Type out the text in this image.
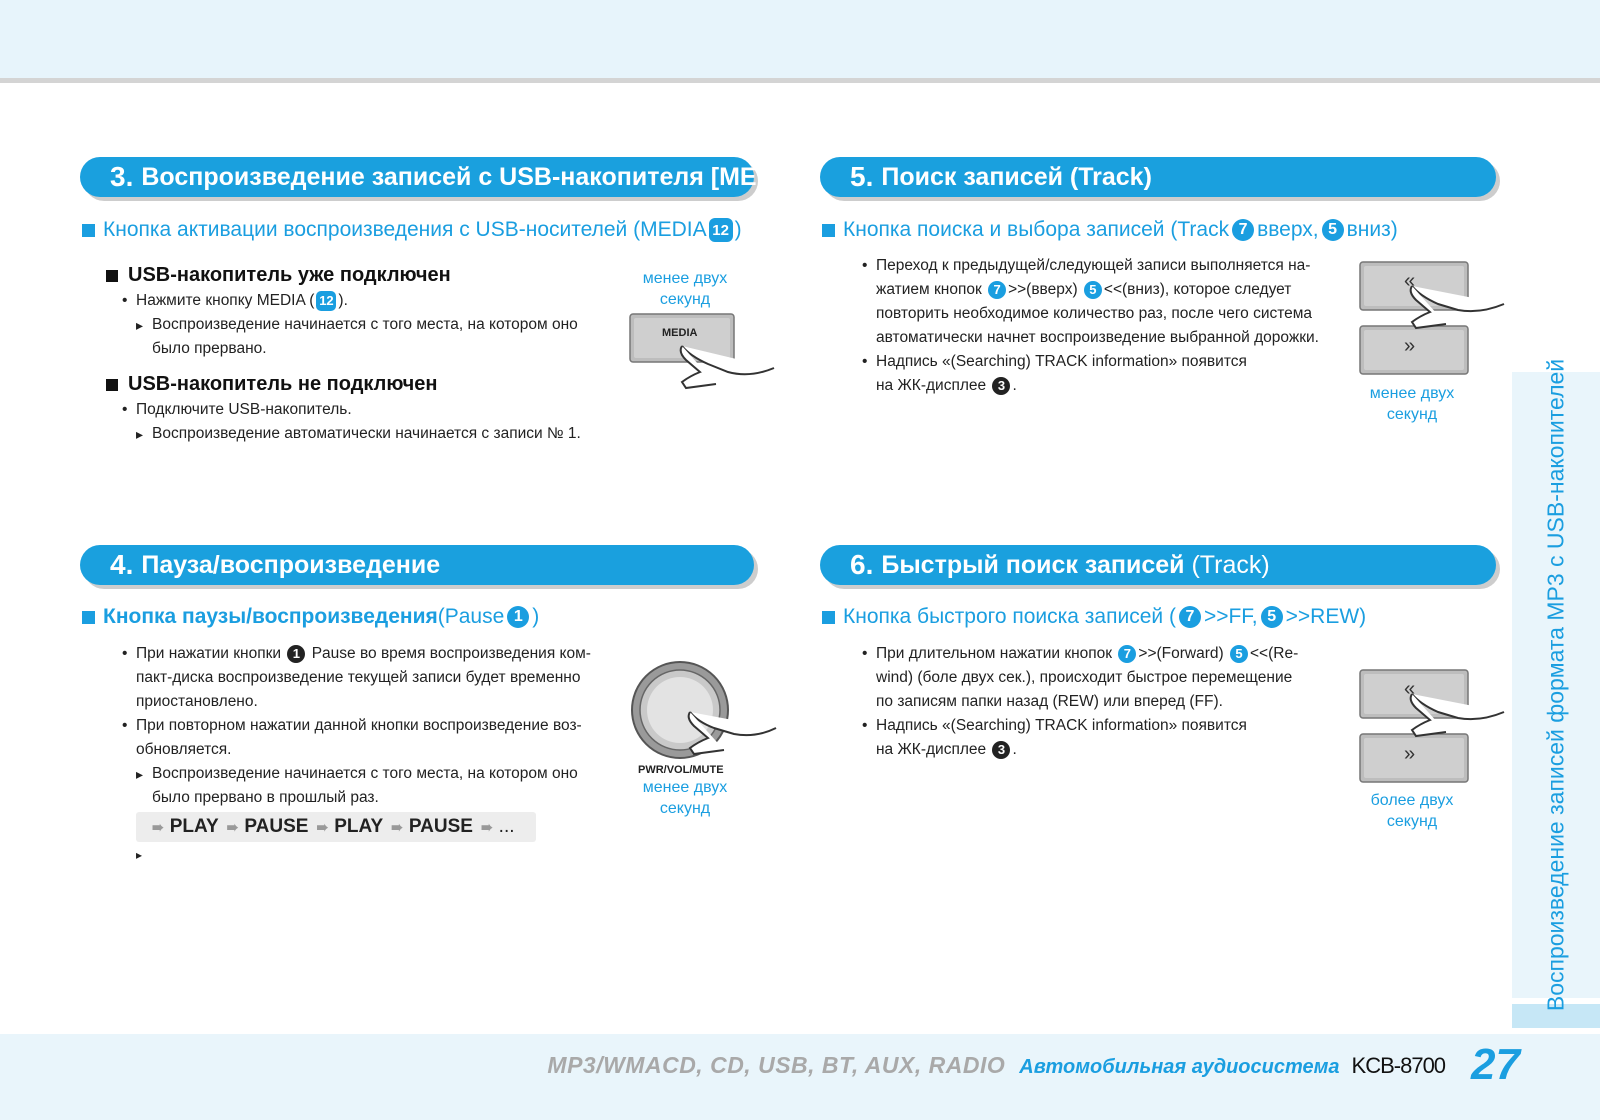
Воспроизведение записей формата MP3 с USB-накопителей
MP3/WMACD, CD, USB, BT, AUX, RADIO Автомобильная аудиосистема KCB-8700 27
3. Воспроизведение записей с USB-накопителя [MEDIA]
Кнопка активации воспроизведения с USB-носителей (MEDIA 12 )
USB-накопитель уже подключен
• Нажмите кнопку MEDIA ( 12 ).
▸ Воспроизведение начинается с того места, на котором оно
было прервано.
USB-накопитель не подключен
• Подключите USB-накопитель.
▸ Воспроизведение автоматически начинается с записи № 1.
менее двух
секунд
MEDIA
4. Пауза/воспроизведение
Кнопка паузы/воспроизведения (Pause 1 )
• При нажатии кнопки 1 Pause во время воспроизведения ком-
пакт-диска воспроизведение текущей записи будет временно
приостановлено.
• При повторном нажатии данной кнопки воспроизведение воз-
обновляется.
▸ Воспроизведение начинается с того места, на котором оно
было прервано в прошлый раз.
➠ PLAY ➠ PAUSE ➠ PLAY ➠ PAUSE ➠ ...
▸
PWR/VOL/MUTE
менее двух
секунд
5. Поиск записей (Track)
Кнопка поиска и выбора записей (Track 7 вверх, 5 вниз)
• Переход к предыдущей/следующей записи выполняется на-
жатием кнопок 7 >>(вверх) 5 <<(вниз), которое следует
повторить необходимое количество раз, после чего система
автоматически начнет воспроизведение выбранной дорожки.
• Надпись «(Searching) TRACK information» появится
на ЖК-дисплее 3 .
«
»
менее двух
секунд
6. Быстрый поиск записей (Track)
Кнопка быстрого поиска записей ( 7 >>FF, 5 >>REW)
• При длительном нажатии кнопок 7 >>(Forward) 5 <<(Re-
wind) (боле двух сек.), происходит быстрое перемещение
по записям папки назад (REW) или вперед (FF).
• Надпись «(Searching) TRACK information» появится
на ЖК-дисплее 3 .
«
»
более двух
секунд
